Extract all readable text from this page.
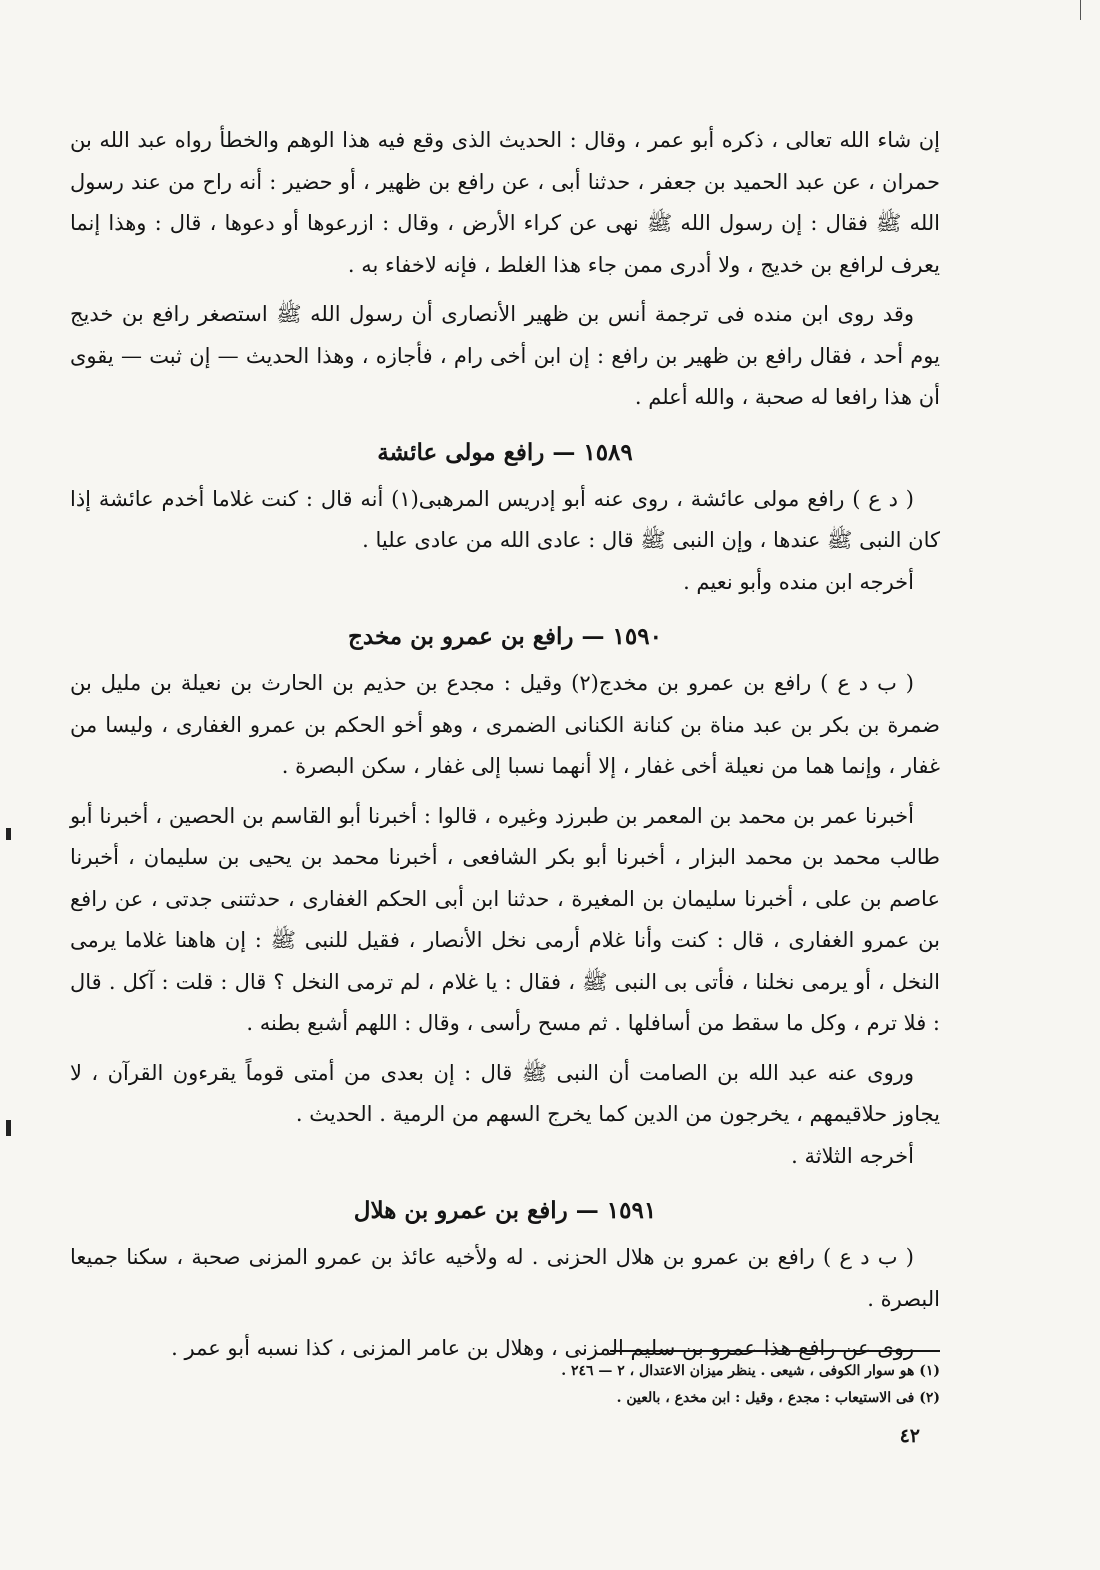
إن شاء الله تعالى ، ذكره أبو عمر ، وقال : الحديث الذى وقع فيه هذا الوهم والخطأ رواه عبد الله بن حمران ، عن عبد الحميد بن جعفر ، حدثنا أبى ، عن رافع بن ظهير ، أو حضير : أنه راح من عند رسول الله ﷺ فقال : إن رسول الله ﷺ نهى عن كراء الأرض ، وقال : ازرعوها أو دعوها ، قال : وهذا إنما يعرف لرافع بن خديج ، ولا أدرى ممن جاء هذا الغلط ، فإنه لاخفاء به .

وقد روى ابن منده فى ترجمة أنس بن ظهير الأنصارى أن رسول الله ﷺ استصغر رافع بن خديج يوم أحد ، فقال رافع بن ظهير بن رافع : إن ابن أخى رام ، فأجازه ، وهذا الحديث — إن ثبت — يقوى أن هذا رافعا له صحبة ، والله أعلم .

١٥٨٩ — رافع مولى عائشة

( د ع ) رافع مولى عائشة ، روى عنه أبو إدريس المرهبى(١) أنه قال : كنت غلاما أخدم عائشة إذا كان النبى ﷺ عندها ، وإن النبى ﷺ قال : عادى الله من عادى عليا .

أخرجه ابن منده وأبو نعيم .

١٥٩٠ — رافع بن عمرو بن مخدج

( ب د ع ) رافع بن عمرو بن مخدج(٢) وقيل : مجدع بن حذيم بن الحارث بن نعيلة بن مليل بن ضمرة بن بكر بن عبد مناة بن كنانة الكنانى الضمرى ، وهو أخو الحكم بن عمرو الغفارى ، وليسا من غفار ، وإنما هما من نعيلة أخى غفار ، إلا أنهما نسبا إلى غفار ، سكن البصرة .

أخبرنا عمر بن محمد بن المعمر بن طبرزد وغيره ، قالوا : أخبرنا أبو القاسم بن الحصين ، أخبرنا أبو طالب محمد بن محمد البزار ، أخبرنا أبو بكر الشافعى ، أخبرنا محمد بن يحيى بن سليمان ، أخبرنا عاصم بن على ، أخبرنا سليمان بن المغيرة ، حدثنا ابن أبى الحكم الغفارى ، حدثتنى جدتى ، عن رافع بن عمرو الغفارى ، قال : كنت وأنا غلام أرمى نخل الأنصار ، فقيل للنبى ﷺ : إن هاهنا غلاما يرمى النخل ، أو يرمى نخلنا ، فأتى بى النبى ﷺ ، فقال : يا غلام ، لم ترمى النخل ؟ قال : قلت : آكل . قال : فلا ترم ، وكل ما سقط من أسافلها . ثم مسح رأسى ، وقال : اللهم أشبع بطنه .

وروى عنه عبد الله بن الصامت أن النبى ﷺ قال : إن بعدى من أمتى قوماً يقرءون القرآن ، لا يجاوز حلاقيمهم ، يخرجون من الدين كما يخرج السهم من الرمية . الحديث .

أخرجه الثلاثة .

١٥٩١ — رافع بن عمرو بن هلال

( ب د ع ) رافع بن عمرو بن هلال الحزنى . له ولأخيه عائذ بن عمرو المزنى صحبة ، سكنا جميعا البصرة .

روى عن رافع هذا عمرو بن سليم المزنى ، وهلال بن عامر المزنى ، كذا نسبه أبو عمر .

(١) هو سوار الكوفى ، شيعى . ينظر ميزان الاعتدال ، ٢ — ٢٤٦ .
(٢) فى الاستيعاب : مجدع ، وقيل : ابن مخدع ، بالعين .
٤٢
